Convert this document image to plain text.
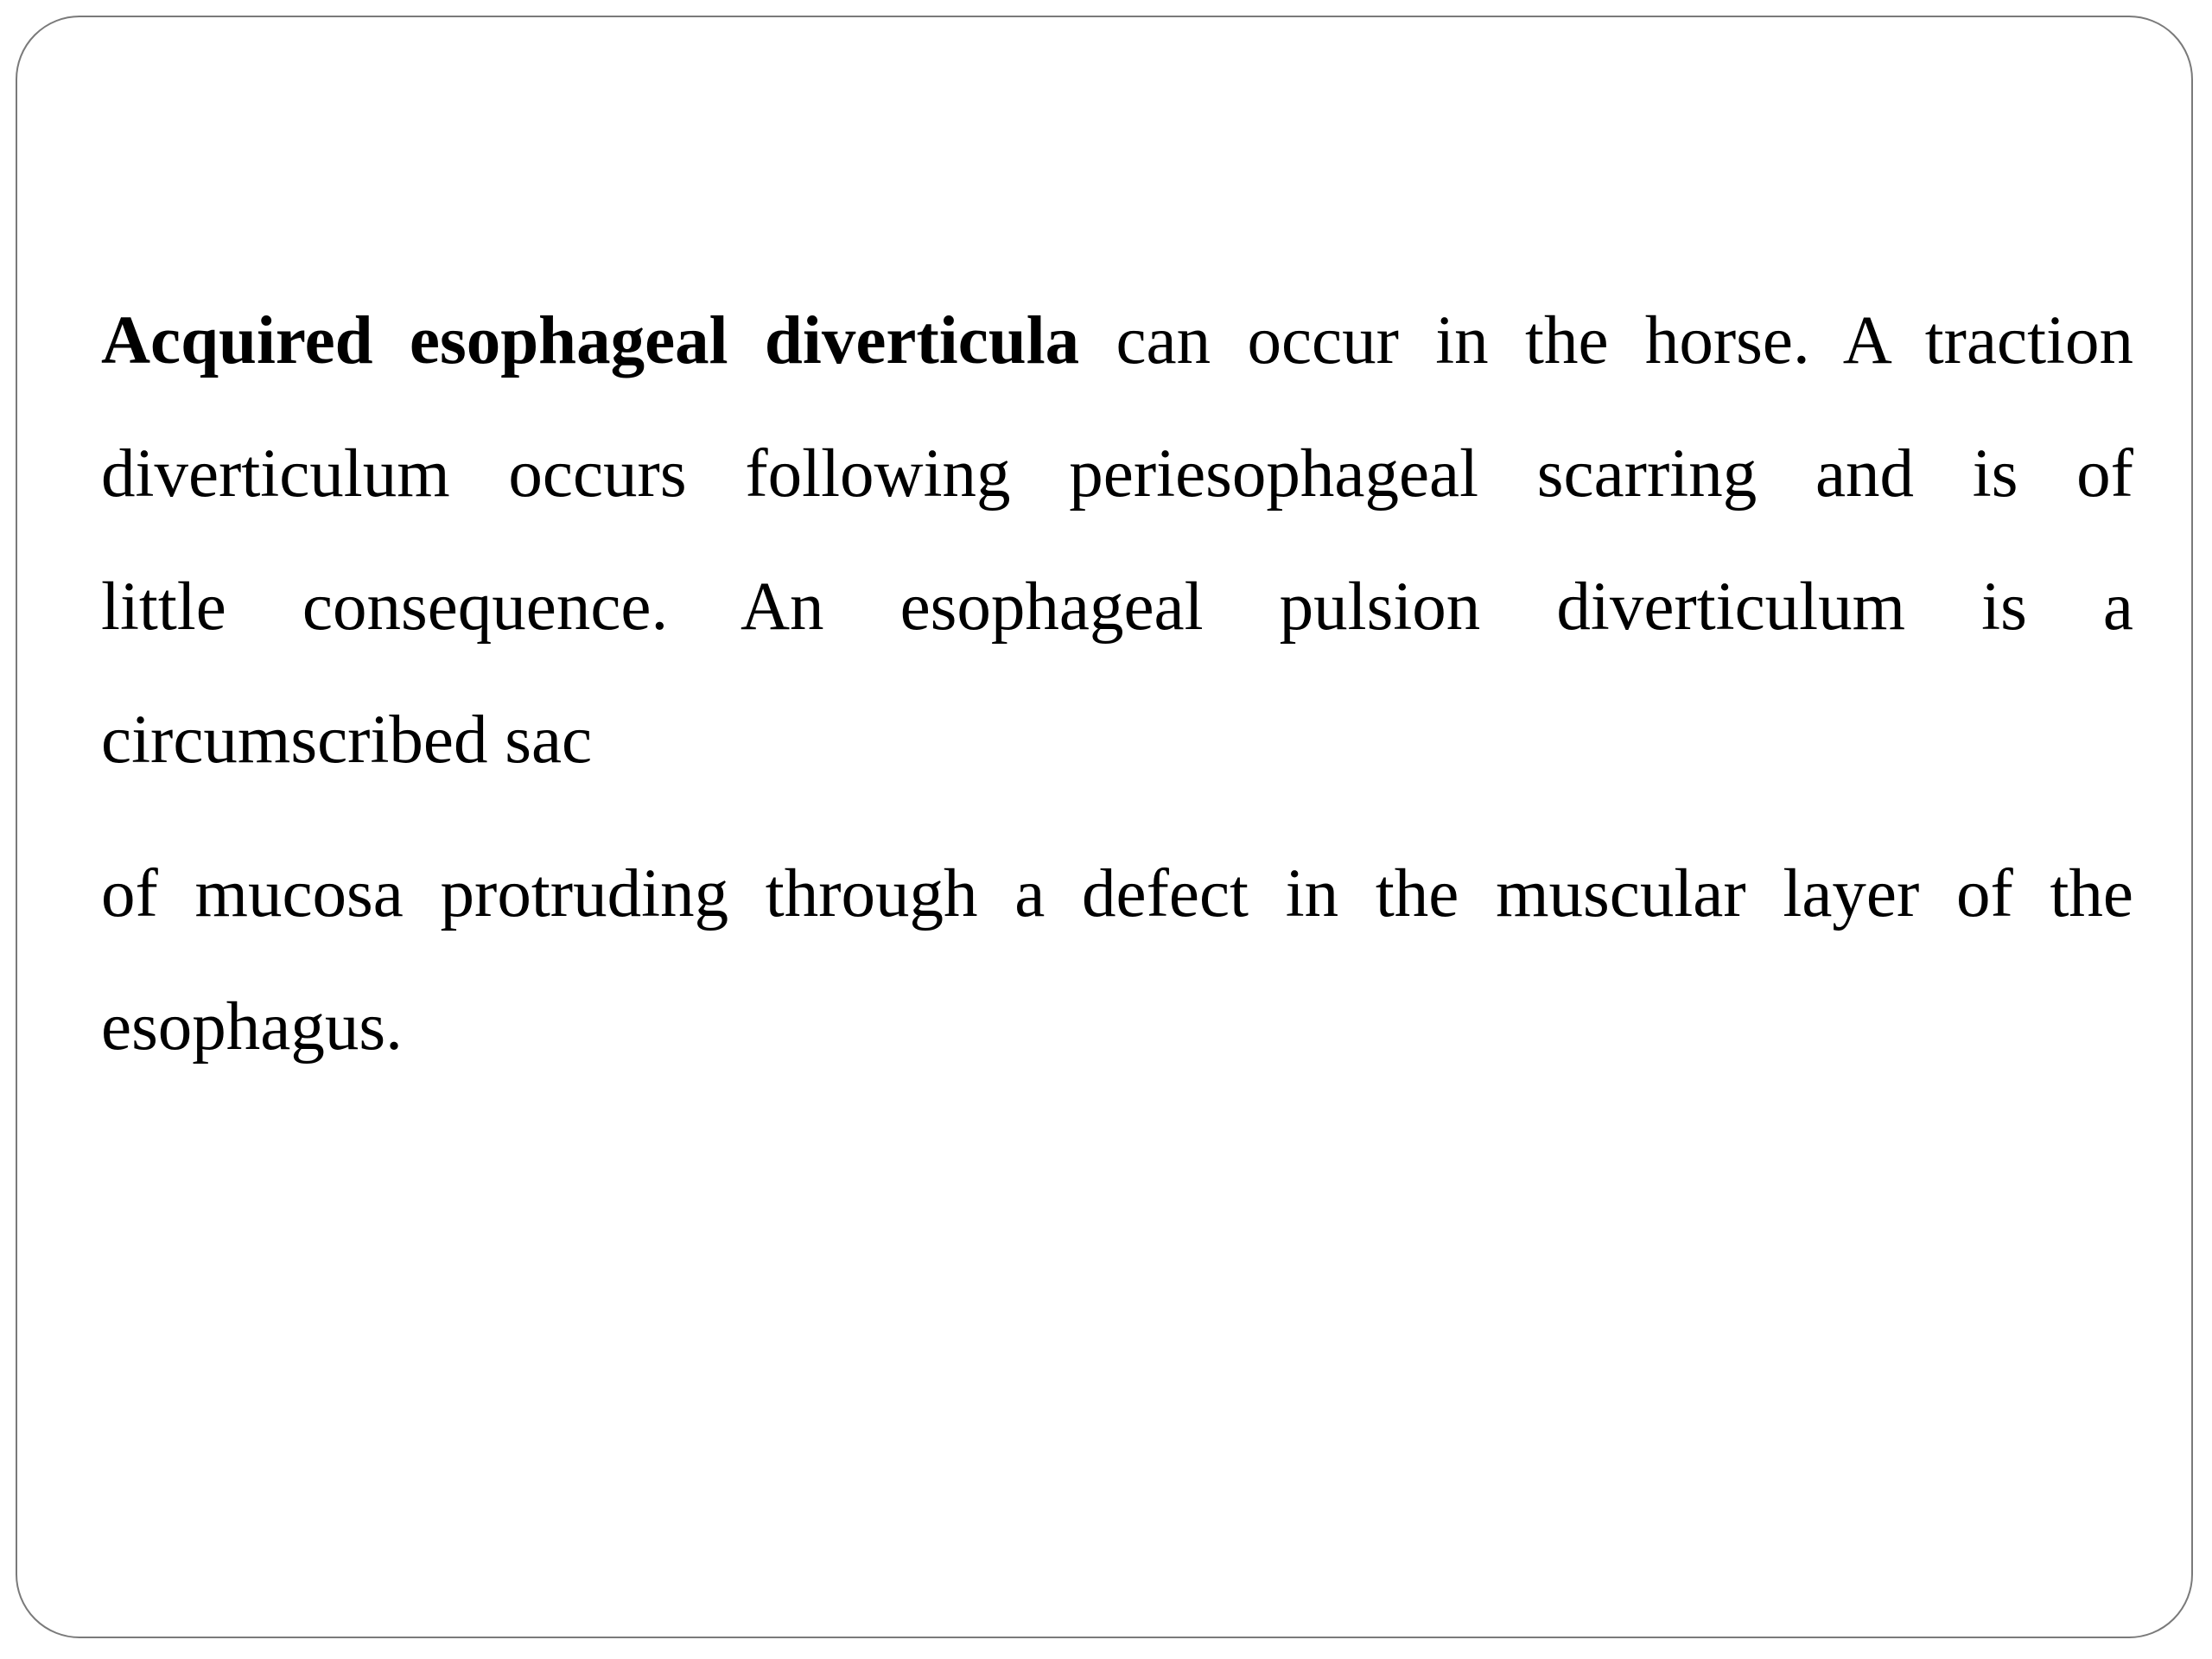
Acquired esophageal diverticula can occur in the horse. A traction
diverticulum occurs following periesophageal scarring and is of
little consequence. An esophageal pulsion diverticulum is a
circumscribed sac

of mucosa protruding through a defect in the muscular layer of the
esophagus.
